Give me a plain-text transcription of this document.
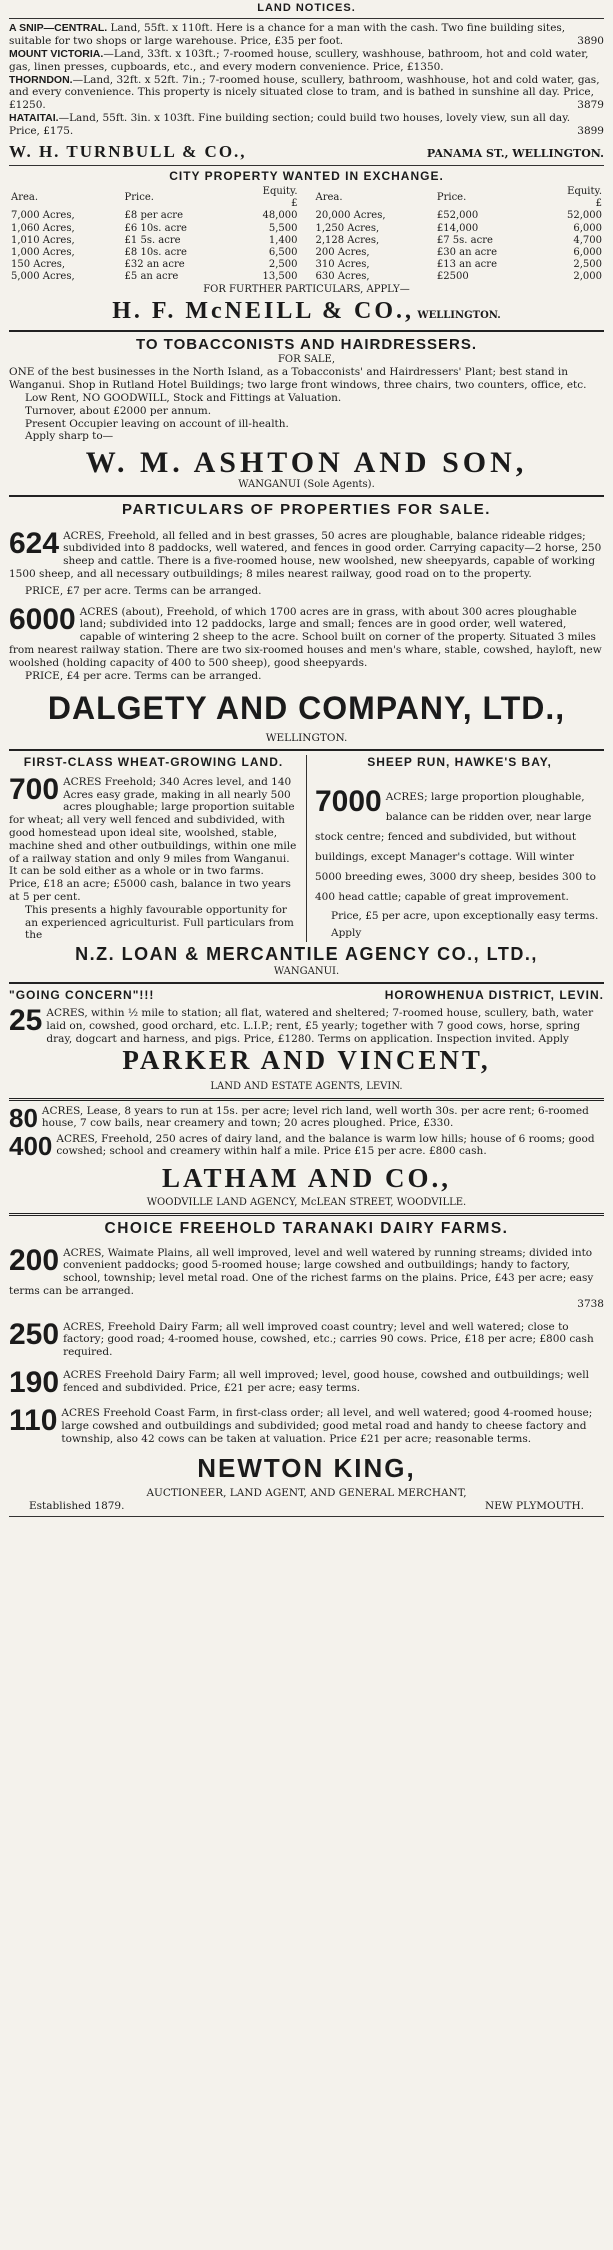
LAND NOTICES.

A SNIP—CENTRAL. Land, 55ft. x 110ft. Here is a chance for a man with the cash. Two fine building sites, suitable for two shops or large warehouse. Price, £35 per foot.	3890

MOUNT VICTORIA.—Land, 33ft. x 103ft.; 7-roomed house, scullery, washhouse, bathroom, hot and cold water, gas, linen presses, cupboards, etc., and every modern convenience. Price, £1350.

THORNDON.—Land, 32ft. x 52ft. 7in.; 7-roomed house, scullery, bathroom, washhouse, hot and cold water, gas, and every convenience. This property is nicely situated close to tram, and is bathed in sunshine all day. Price, £1250.	3879

HATAITAI.—Land, 55ft. 3in. x 103ft. Fine building section; could build two houses, lovely view, sun all day. Price, £175.	3899

W. H. TURNBULL & CO.,	PANAMA ST., WELLINGTON.
CITY PROPERTY WANTED IN EXCHANGE.
Area.	Price.	Equity.
£
7,000 Acres,	£8 per acre	48,000
1,060 Acres,	£6 10s. acre	5,500
1,010 Acres,	£1 5s. acre	1,400
1,000 Acres,	£8 10s. acre	6,500
150 Acres,	£32 an acre	2,500
5,000 Acres,	£5 an acre	13,500
Area.	Price.	Equity.
£
20,000 Acres,	£52,000	52,000
1,250 Acres,	£14,000	6,000
2,128 Acres,	£7 5s. acre	4,700
200 Acres,	£30 an acre	6,000
310 Acres,	£13 an acre	2,500
630 Acres,	£2500	2,000
FOR FURTHER PARTICULARS, APPLY—
H. F. McNEILL & CO., WELLINGTON.
TO TOBACCONISTS AND HAIRDRESSERS.
FOR SALE,

ONE of the best businesses in the North Island, as a Tobacconists' and Hairdressers' Plant; best stand in Wanganui. Shop in Rutland Hotel Buildings; two large front windows, three chairs, two counters, office, etc.

Low Rent, NO GOODWILL, Stock and Fittings at Valuation.

Turnover, about £2000 per annum.

Present Occupier leaving on account of ill-health.

Apply sharp to—

W. M. ASHTON AND SON,
WANGANUI (Sole Agents).
PARTICULARS OF PROPERTIES FOR SALE.
624 ACRES, Freehold, all felled and in best grasses, 50 acres are ploughable, balance rideable ridges; subdivided into 8 paddocks, well watered, and fences in good order. Carrying capacity—2 horse, 250 sheep and cattle. There is a five-roomed house, new woolshed, new sheepyards, capable of working 1500 sheep, and all necessary outbuildings; 8 miles nearest railway, good road on to the property.

PRICE, £7 per acre. Terms can be arranged.

6000 ACRES (about), Freehold, of which 1700 acres are in grass, with about 300 acres ploughable land; subdivided into 12 paddocks, large and small; fences are in good order, well watered, capable of wintering 2 sheep to the acre. School built on corner of the property. Situated 3 miles from nearest railway station. There are two six-roomed houses and men's whare, stable, cowshed, hayloft, new woolshed (holding capacity of 400 to 500 sheep), good sheepyards.

PRICE, £4 per acre. Terms can be arranged.

DALGETY AND COMPANY, LTD.,
WELLINGTON.
FIRST-CLASS WHEAT-GROWING LAND.
700 ACRES Freehold; 340 Acres level, and 140 Acres easy grade, making in all nearly 500 acres ploughable; large proportion suitable for wheat; all very well fenced and subdivided, with good homestead upon ideal site, woolshed, stable, machine shed and other outbuildings, within one mile of a railway station and only 9 miles from Wanganui. It can be sold either as a whole or in two farms. Price, £18 an acre; £5000 cash, balance in two years at 5 per cent.

This presents a highly favourable opportunity for an experienced agriculturist. Full particulars from the

SHEEP RUN, HAWKE'S BAY,
7000 ACRES; large proportion ploughable, balance can be ridden over, near large stock centre; fenced and subdivided, but without buildings, except Manager's cottage. Will winter 5000 breeding ewes, 3000 dry sheep, besides 300 to 400 head cattle; capable of great improvement.

Price, £5 per acre, upon exceptionally easy terms.

Apply

N.Z. LOAN & MERCANTILE AGENCY CO., LTD.,
WANGANUI.
"GOING CONCERN"!!!	HOROWHENUA DISTRICT, LEVIN.
25 ACRES, within ½ mile to station; all flat, watered and sheltered; 7-roomed house, scullery, bath, water laid on, cowshed, good orchard, etc. L.I.P.; rent, £5 yearly; together with 7 good cows, horse, spring dray, dogcart and harness, and pigs. Price, £1280. Terms on application. Inspection invited. Apply

PARKER AND VINCENT,
LAND AND ESTATE AGENTS, LEVIN.
80 ACRES, Lease, 8 years to run at 15s. per acre; level rich land, well worth 30s. per acre rent; 6-roomed house, 7 cow bails, near creamery and town; 20 acres ploughed. Price, £330.

400 ACRES, Freehold, 250 acres of dairy land, and the balance is warm low hills; house of 6 rooms; good cowshed; school and creamery within half a mile. Price £15 per acre. £800 cash.

LATHAM AND CO.,
WOODVILLE LAND AGENCY, McLEAN STREET, WOODVILLE.
CHOICE FREEHOLD TARANAKI DAIRY FARMS.
200 ACRES, Waimate Plains, all well improved, level and well watered by running streams; divided into convenient paddocks; good 5-roomed house; large cowshed and outbuildings; handy to factory, school, township; level metal road. One of the richest farms on the plains. Price, £43 per acre; easy terms can be arranged.

3738
250 ACRES, Freehold Dairy Farm; all well improved coast country; level and well watered; close to factory; good road; 4-roomed house, cowshed, etc.; carries 90 cows. Price, £18 per acre; £800 cash required.

190 ACRES Freehold Dairy Farm; all well improved; level, good house, cowshed and outbuildings; well fenced and subdivided. Price, £21 per acre; easy terms.

110 ACRES Freehold Coast Farm, in first-class order; all level, and well watered; good 4-roomed house; large cowshed and outbuildings and subdivided; good metal road and handy to cheese factory and township, also 42 cows can be taken at valuation. Price £21 per acre; reasonable terms.

NEWTON KING,
AUCTIONEER, LAND AGENT, AND GENERAL MERCHANT,
Established 1879.	NEW PLYMOUTH.
